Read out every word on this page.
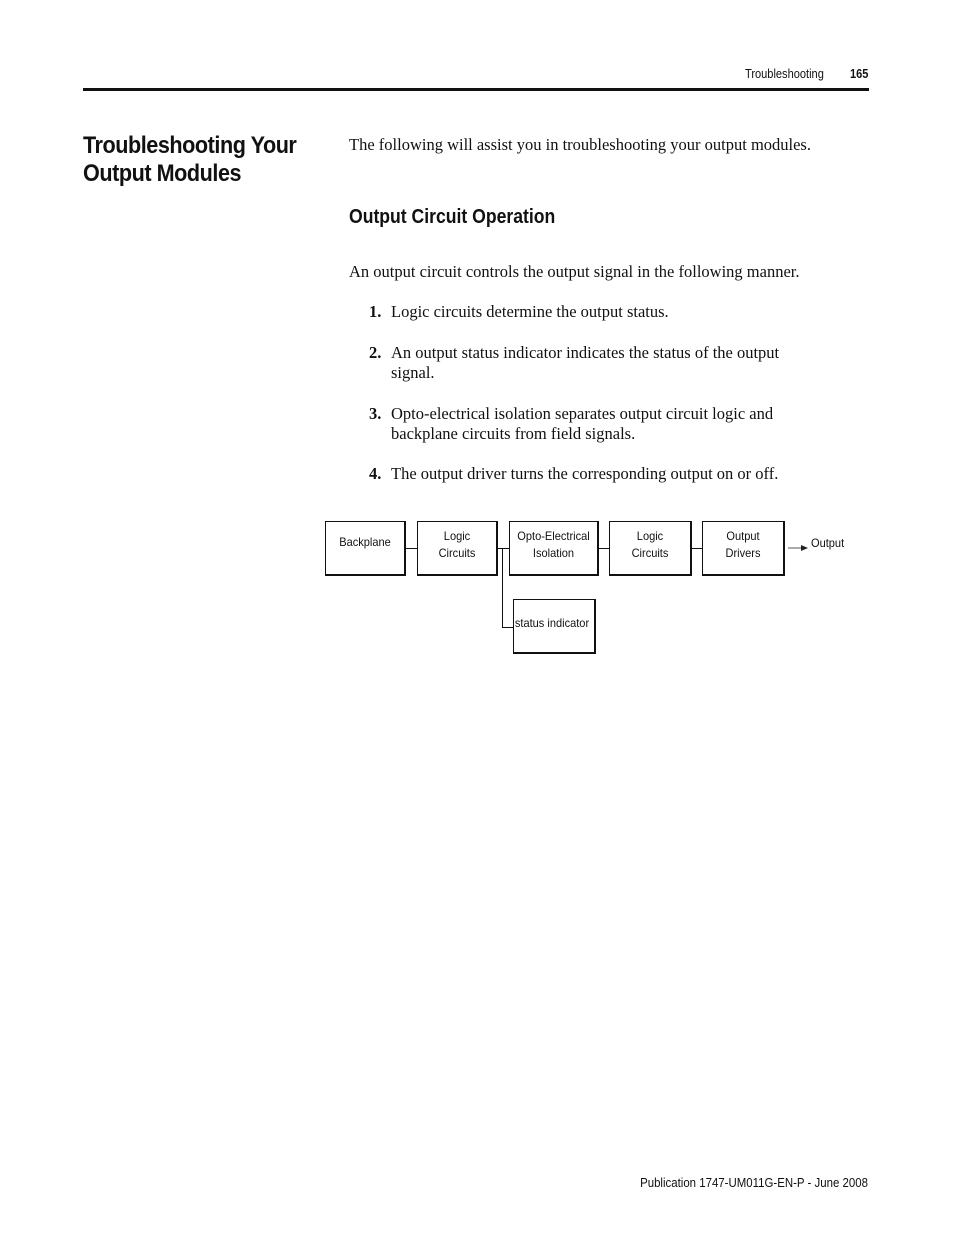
Troubleshooting 165
Troubleshooting Your Output Modules
The following will assist you in troubleshooting your output modules.
Output Circuit Operation
An output circuit controls the output signal in the following manner.
1. Logic circuits determine the output status.
2. An output status indicator indicates the status of the output signal.
3. Opto-electrical isolation separates output circuit logic and backplane circuits from field signals.
4. The output driver turns the corresponding output on or off.
Backplane	Logic
Circuits
Opto-Electrical
Isolation
Logic
Circuits
Output
Drivers
status indicator
Output
Publication 1747-UM011G-EN-P - June 2008
